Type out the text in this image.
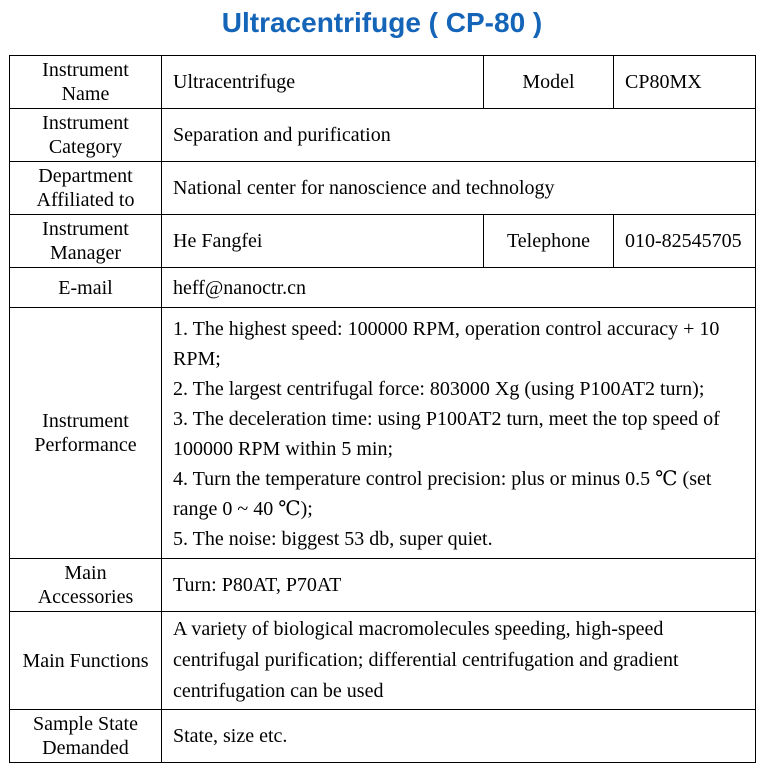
Ultracentrifuge ( CP-80 )
Instrument Name	Ultracentrifuge	Model	CP80MX
Instrument Category	Separation and purification		
Department Affiliated to	National center for nanoscience and technology		
Instrument Manager	He Fangfei	Telephone	010-82545705
E-mail	heff@nanoctr.cn		
Instrument Performance	1. The highest speed: 100000 RPM, operation control accuracy + 10 RPM;

2. The largest centrifugal force: 803000 Xg (using P100AT2 turn);

3. The deceleration time: using P100AT2 turn, meet the top speed of 100000 RPM within 5 min;

4. Turn the temperature control precision: plus or minus 0.5 ℃ (set range 0 ~ 40 ℃);

5. The noise: biggest 53 db, super quiet.		

Main Accessories	Turn: P80AT, P70AT		
Main Functions	A variety of biological macromolecules speeding, high-speed centrifugal purification; differential centrifugation and gradient centrifugation can be used		
Sample State Demanded	State, size etc.		
